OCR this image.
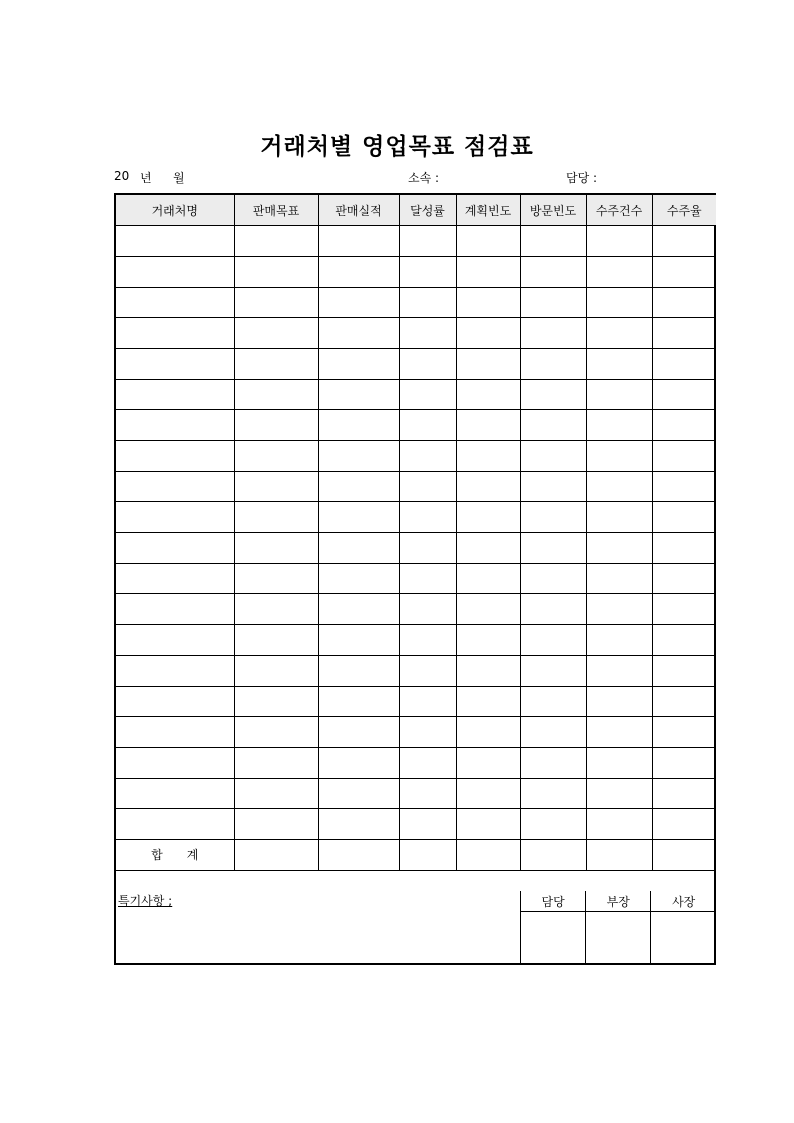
거래처별 영업목표 점검표
20 년 월	소속 :	담당 :
거래처명	판매목표	판매실적	달성률	계획빈도	방문빈도	수주건수	수주율

합　　계							
특기사항 ;	담당	부장	사장
